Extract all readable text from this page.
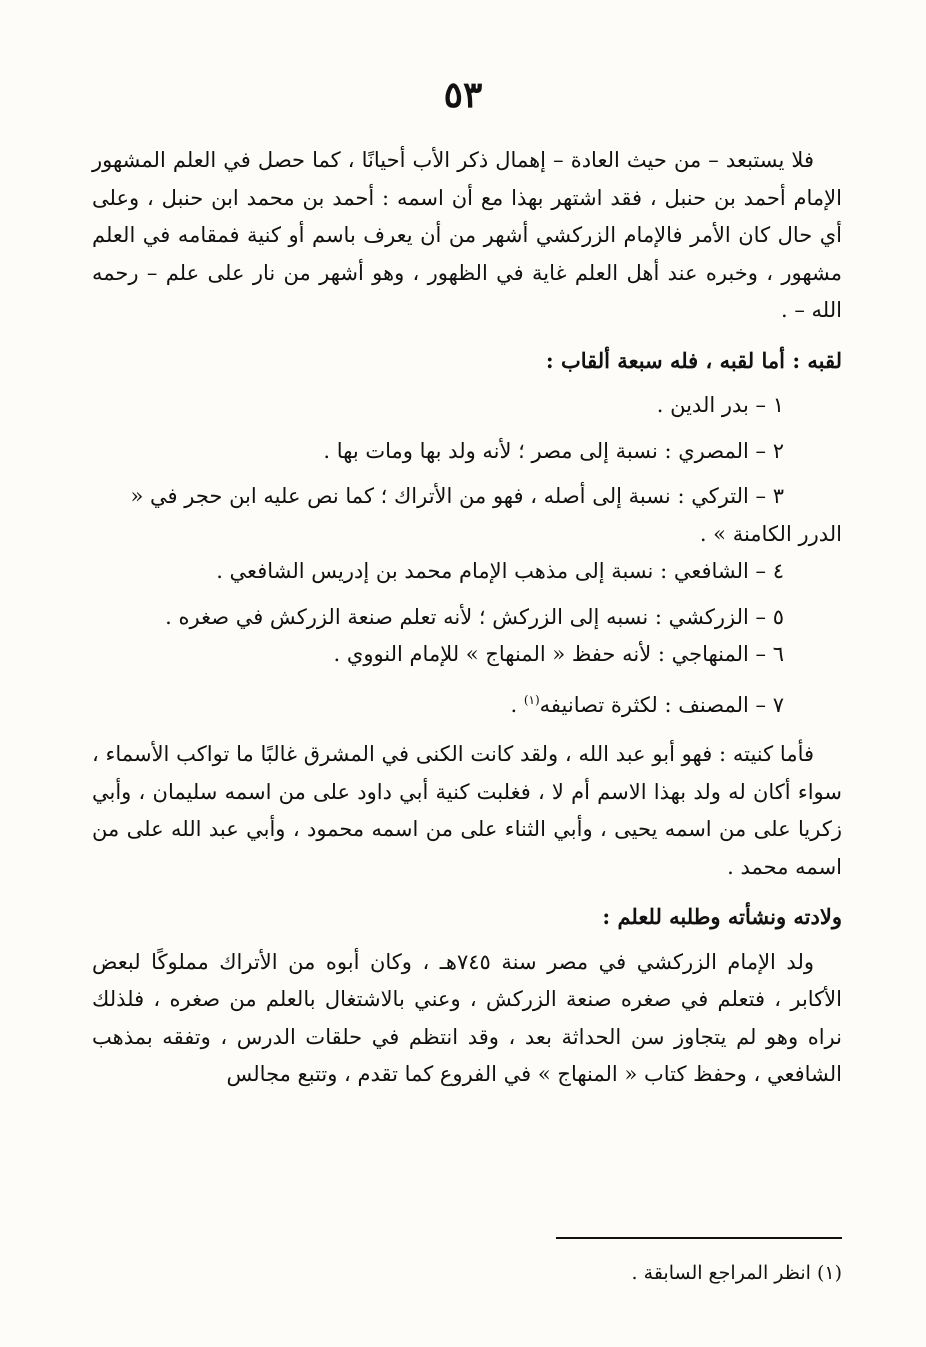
٥٣

فلا يستبعد – من حيث العادة – إهمال ذكر الأب أحيانًا ، كما حصل في العلم المشهور الإمام أحمد بن حنبل ، فقد اشتهر بهذا مع أن اسمه : أحمد بن محمد ابن حنبل ، وعلى أي حال كان الأمر فالإمام الزركشي أشهر من أن يعرف باسم أو كنية فمقامه في العلم مشهور ، وخبره عند أهل العلم غاية في الظهور ، وهو أشهر من نار على علم – رحمه الله – .

لقبه : أما لقبه ، فله سبعة ألقاب :

١ – بدر الدين .

٢ – المصري : نسبة إلى مصر ؛ لأنه ولد بها ومات بها .

٣ – التركي : نسبة إلى أصله ، فهو من الأتراك ؛ كما نص عليه ابن حجر في « الدرر الكامنة » .

٤ – الشافعي : نسبة إلى مذهب الإمام محمد بن إدريس الشافعي .

٥ – الزركشي : نسبه إلى الزركش ؛ لأنه تعلم صنعة الزركش في صغره .

٦ – المنهاجي : لأنه حفظ « المنهاج » للإمام النووي .

٧ – المصنف : لكثرة تصانيفه$^{(١)}$ .

فأما كنيته : فهو أبو عبد الله ، ولقد كانت الكنى في المشرق غالبًا ما تواكب الأسماء ، سواء أكان له ولد بهذا الاسم أم لا ، فغلبت كنية أبي داود على من اسمه سليمان ، وأبي زكريا على من اسمه يحيى ، وأبي الثناء على من اسمه محمود ، وأبي عبد الله على من اسمه محمد .

ولادته ونشأته وطلبه للعلم :

ولد الإمام الزركشي في مصر سنة ٧٤٥هـ ، وكان أبوه من الأتراك مملوكًا لبعض الأكابر ، فتعلم في صغره صنعة الزركش ، وعني بالاشتغال بالعلم من صغره ، فلذلك نراه وهو لم يتجاوز سن الحداثة بعد ، وقد انتظم في حلقات الدرس ، وتفقه بمذهب الشافعي ، وحفظ كتاب « المنهاج » في الفروع كما تقدم ، وتتبع مجالس

(١) انظر المراجع السابقة .
